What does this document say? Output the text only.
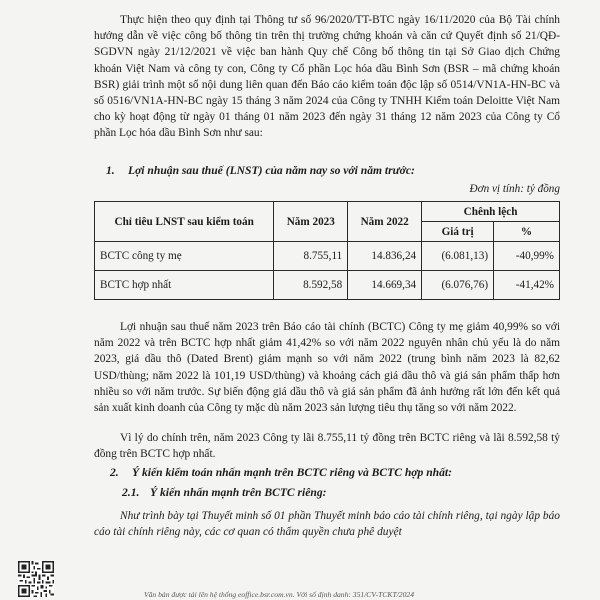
Thực hiện theo quy định tại Thông tư số 96/2020/TT-BTC ngày 16/11/2020 của Bộ Tài chính hướng dẫn về việc công bố thông tin trên thị trường chứng khoán và căn cứ Quyết định số 21/QĐ-SGDVN ngày 21/12/2021 về việc ban hành Quy chế Công bố thông tin tại Sở Giao dịch Chứng khoán Việt Nam và công ty con, Công ty Cổ phần Lọc hóa dầu Bình Sơn (BSR – mã chứng khoán BSR) giải trình một số nội dung liên quan đến Báo cáo kiểm toán độc lập số 0514/VN1A-HN-BC và số 0516/VN1A-HN-BC ngày 15 tháng 3 năm 2024 của Công ty TNHH Kiểm toán Deloitte Việt Nam cho kỳ hoạt động từ ngày 01 tháng 01 năm 2023 đến ngày 31 tháng 12 năm 2023 của Công ty Cổ phần Lọc hóa dầu Bình Sơn như sau:

1. Lợi nhuận sau thuế (LNST) của năm nay so với năm trước:
Đơn vị tính: tỷ đồng
Chỉ tiêu LNST sau kiểm toán	Năm 2023	Năm 2022	Chênh lệch	
			Giá trị	%
BCTC công ty mẹ	8.755,11	14.836,24	(6.081,13)	-40,99%
BCTC hợp nhất	8.592,58	14.669,34	(6.076,76)	-41,42%

Lợi nhuận sau thuế năm 2023 trên Báo cáo tài chính (BCTC) Công ty mẹ giảm 40,99% so với năm 2022 và trên BCTC hợp nhất giảm 41,42% so với năm 2022 nguyên nhân chủ yếu là do năm 2023, giá dầu thô (Dated Brent) giảm mạnh so với năm 2022 (trung bình năm 2023 là 82,62 USD/thùng; năm 2022 là 101,19 USD/thùng) và khoảng cách giá dầu thô và giá sản phẩm thấp hơn nhiều so với năm trước. Sự biến động giá dầu thô và giá sản phẩm đã ảnh hưởng rất lớn đến kết quả sản xuất kinh doanh của Công ty mặc dù năm 2023 sản lượng tiêu thụ tăng so với năm 2022.

Vì lý do chính trên, năm 2023 Công ty lãi 8.755,11 tỷ đồng trên BCTC riêng và lãi 8.592,58 tỷ đồng trên BCTC hợp nhất.

2. Ý kiến kiểm toán nhấn mạnh trên BCTC riêng và BCTC hợp nhất:
2.1. Ý kiến nhấn mạnh trên BCTC riêng:

Như trình bày tại Thuyết minh số 01 phần Thuyết minh báo cáo tài chính riêng, tại ngày lập báo cáo tài chính riêng này, các cơ quan có thẩm quyền chưa phê duyệt

Văn bản được tải lên hệ thống eoffice.bsr.com.vn. Với số định danh: 351/CV-TCKT/2024
